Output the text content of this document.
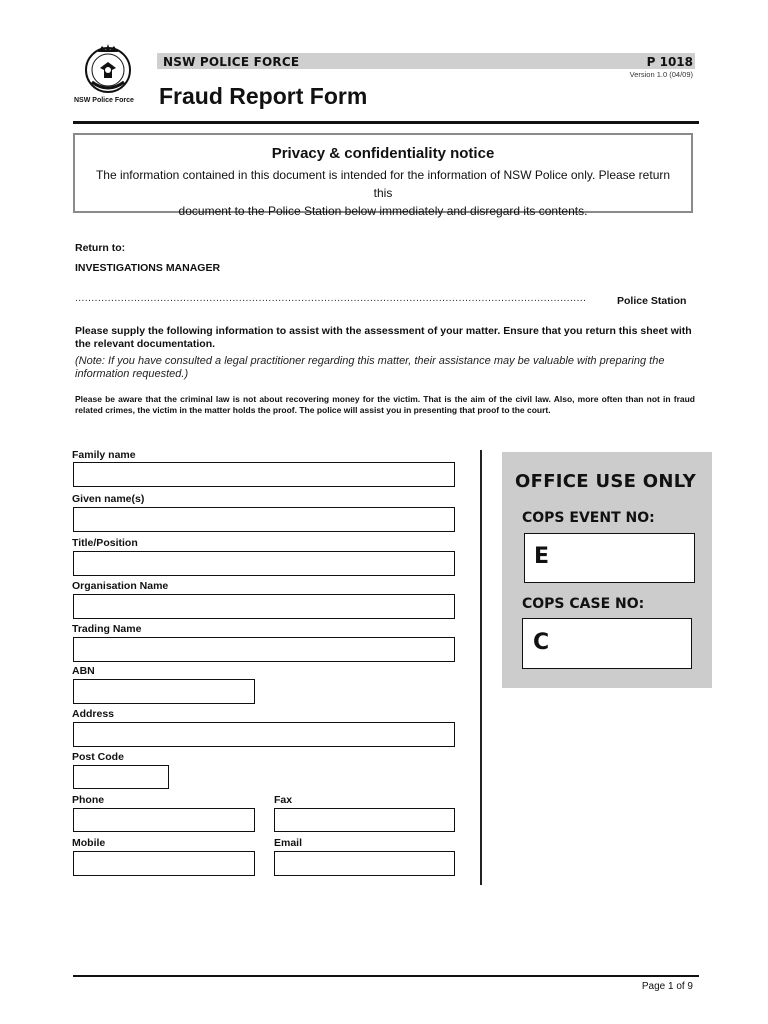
NSW Police Force
NSW POLICE FORCE	P 1018
Version 1.0 (04/09)
Fraud Report Form
Privacy & confidentiality notice
The information contained in this document is intended for the information of NSW Police only. Please return this
document to the Police Station below immediately and disregard its contents.
Return to:
INVESTIGATIONS MANAGER
............................................................................................................................................................	Police Station
Please supply the following information to assist with the assessment of your matter. Ensure that you return this sheet with the relevant documentation.
(Note: If you have consulted a legal practitioner regarding this matter, their assistance may be valuable with preparing the information requested.)
Please be aware that the criminal law is not about recovering money for the victim. That is the aim of the civil law. Also, more often than not in fraud related crimes, the victim in the matter holds the proof. The police will assist you in presenting that proof to the court.
Family name
Given name(s)
Title/Position
Organisation Name
Trading Name
ABN
Address
Post Code
Phone	Fax
Mobile	Email
OFFICE USE ONLY
COPS EVENT NO:
E
COPS CASE NO:
C
Page 1 of 9
